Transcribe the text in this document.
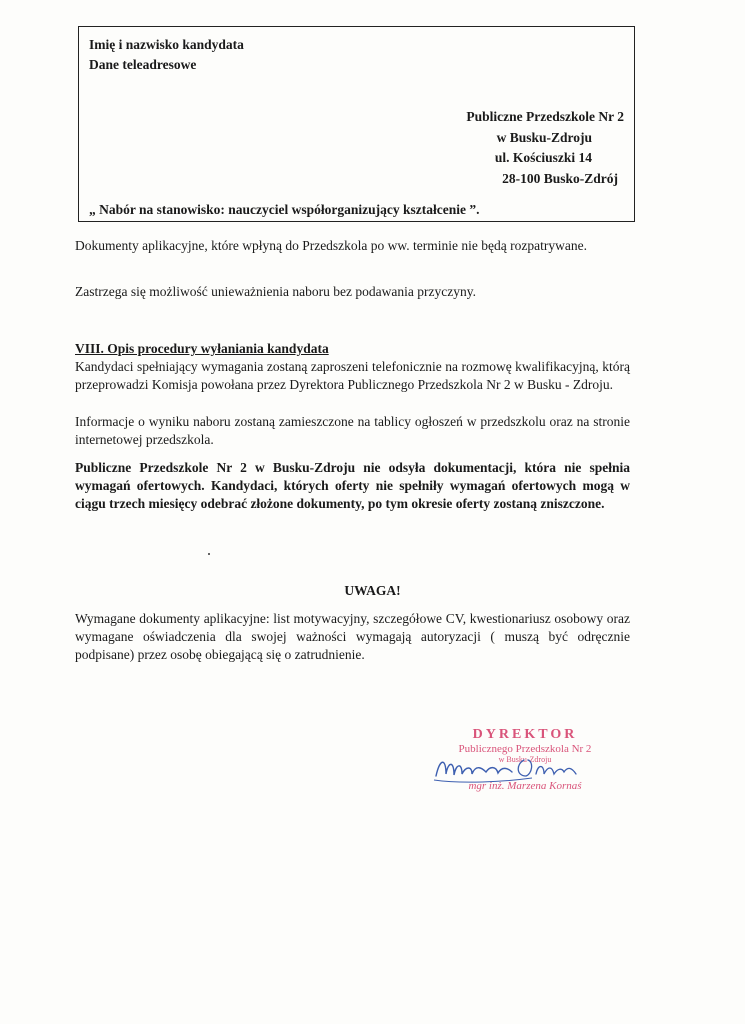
Imię i nazwisko kandydata
Dane teleadresowe
Publiczne Przedszkole Nr 2
w Busku-Zdroju
ul. Kościuszki 14
28-100 Busko-Zdrój
„ Nabór na stanowisko: nauczyciel współorganizujący kształcenie ”.
Dokumenty aplikacyjne, które wpłyną do Przedszkola po ww. terminie nie będą rozpatrywane.
Zastrzega się możliwość unieważnienia naboru bez podawania przyczyny.
VIII. Opis procedury wyłaniania kandydata
Kandydaci spełniający wymagania zostaną zaproszeni telefonicznie na rozmowę kwalifikacyjną, którą przeprowadzi Komisja powołana przez Dyrektora Publicznego Przedszkola Nr 2 w Busku - Zdroju.
Informacje o wyniku naboru zostaną zamieszczone na tablicy ogłoszeń w przedszkolu oraz na stronie internetowej przedszkola.
Publiczne Przedszkole Nr 2 w Busku-Zdroju nie odsyła dokumentacji, która nie spełnia wymagań ofertowych. Kandydaci, których oferty nie spełniły wymagań ofertowych mogą w ciągu trzech miesięcy odebrać złożone dokumenty, po tym okresie oferty zostaną zniszczone.
UWAGA!
Wymagane dokumenty aplikacyjne: list motywacyjny, szczegółowe CV, kwestionariusz osobowy oraz wymagane oświadczenia dla swojej ważności wymagają autoryzacji ( muszą być odręcznie podpisane) przez osobę obiegającą się o zatrudnienie.
DYREKTOR
Publicznego Przedszkola Nr 2
w Busku-Zdroju
mgr inż. Marzena Kornaś
